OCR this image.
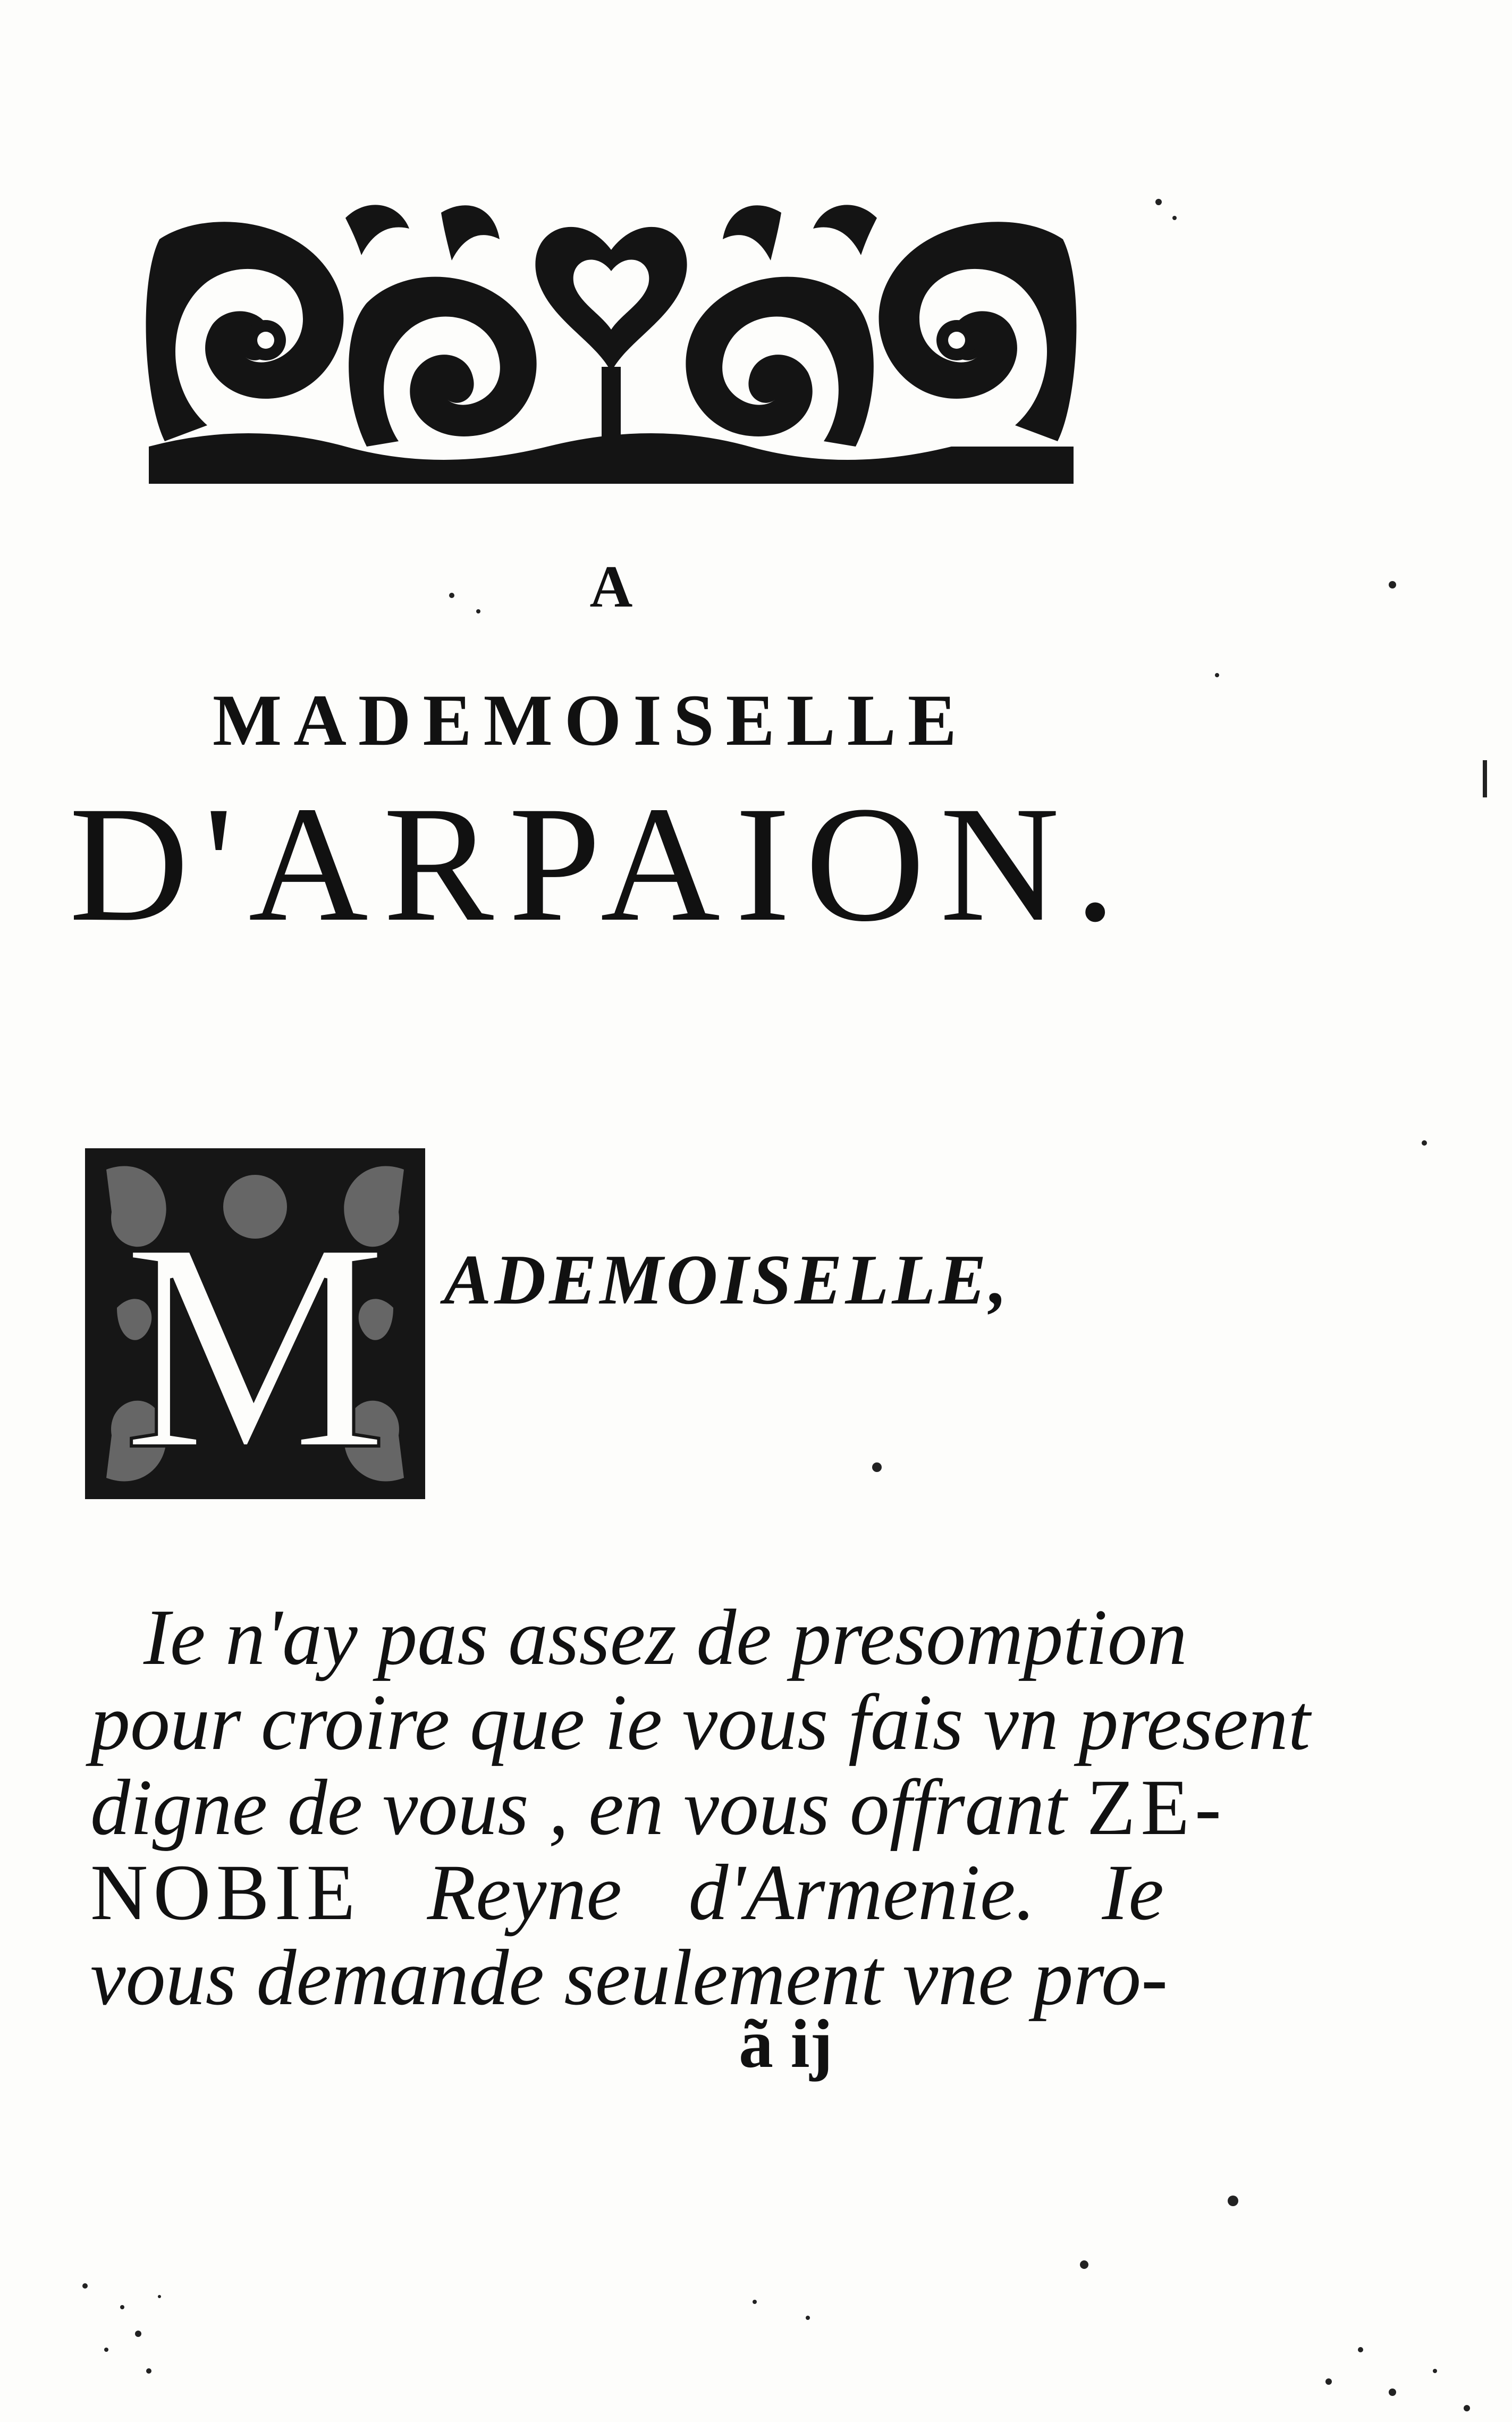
A
MADEMOISELLE
D'ARPAION.
M ADEMOISELLE,
Ie n'ay pas assez de presomption
pour croire que ie vous fais vn present
digne de vous , en vous offrant ZE-
NOBIE Reyne d'Armenie. Ie
vous demande seulement vne pro-
ã ij
